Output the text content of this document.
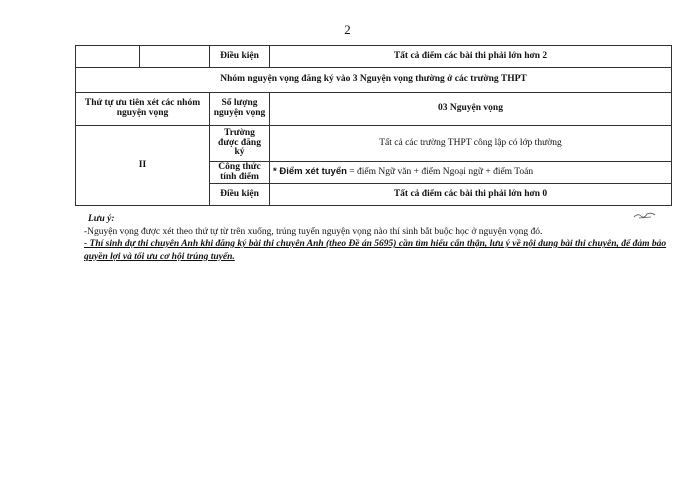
2
		Điều kiện	Tất cả điểm các bài thi phải lớn hơn 2
Nhóm nguyện vọng đăng ký vào 3 Nguyện vọng thường ở các trường THPT			
Thứ tự ưu tiên xét các nhóm nguyện vọng		Số lượng nguyện vọng	03 Nguyện vọng
II		Trường được đăng ký	Tất cả các trường THPT công lập có lớp thường
		Công thức tính điểm	* Điểm xét tuyển = điểm Ngữ văn + điểm Ngoại ngữ + điểm Toán
		Điều kiện	Tất cả điểm các bài thi phải lớn hơn 0

Lưu ý:

-Nguyện vọng được xét theo thứ tự từ trên xuống, trúng tuyển nguyện vọng nào thí sinh bắt buộc học ở nguyện vọng đó.

- Thí sinh dự thi chuyên Anh khi đăng ký bài thi chuyên Anh (theo Đề án 5695) cần tìm hiểu cẩn thận, lưu ý về nội dung bài thi chuyên, để đảm bảo quyền lợi và tối ưu cơ hội trúng tuyển.
